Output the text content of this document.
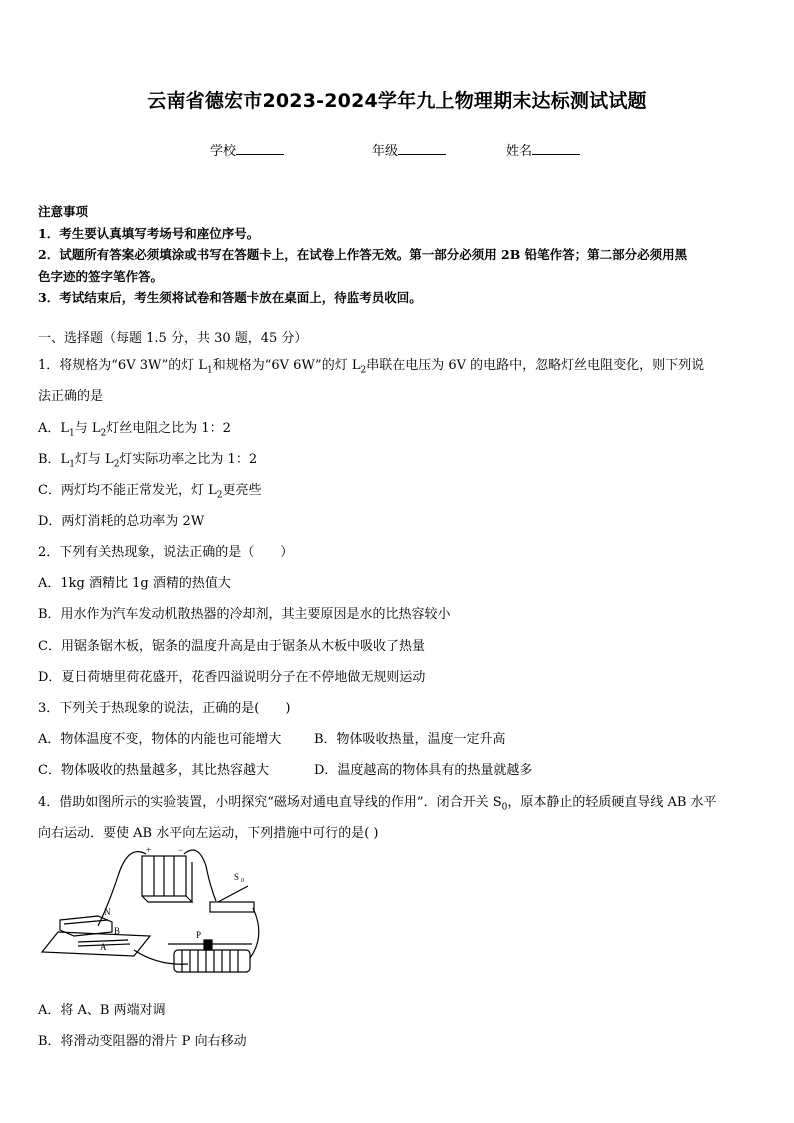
云南省德宏市2023-2024学年九上物理期末达标测试试题
学校	年级	姓名
注意事项
1．考生要认真填写考场号和座位序号。
2．试题所有答案必须填涂或书写在答题卡上，在试卷上作答无效。第一部分必须用 2B 铅笔作答；第二部分必须用黑
色字迹的签字笔作答。
3．考试结束后，考生须将试卷和答题卡放在桌面上，待监考员收回。
一、选择题（每题 1.5 分，共 30 题，45 分）
1．将规格为“6V 3W”的灯 $L_1$和规格为“6V 6W”的灯 $L_2$串联在电压为 6V 的电路中，忽略灯丝电阻变化，则下列说
法正确的是
A．$L_1$与 $L_2$灯丝电阻之比为 1：2
B．$L_1$灯与 $L_2$灯实际功率之比为 1：2
C．两灯均不能正常发光，灯 $L_2$更亮些
D．两灯消耗的总功率为 2W
2．下列有关热现象，说法正确的是（　　）
A．1kg 酒精比 1g 酒精的热值大
B．用水作为汽车发动机散热器的冷却剂，其主要原因是水的比热容较小
C．用锯条锯木板，锯条的温度升高是由于锯条从木板中吸收了热量
D．夏日荷塘里荷花盛开，花香四溢说明分子在不停地做无规则运动
3．下列关于热现象的说法，正确的是(　　)
A．物体温度不变，物体的内能也可能增大	B．物体吸收热量，温度一定升高
C．物体吸收的热量越多，其比热容越大	D．温度越高的物体具有的热量就越多
4．借助如图所示的实验装置，小明探究“磁场对通电直导线的作用”．闭合开关 $S_0$，原本静止的轻质硬直导线 AB 水平
向右运动．要使 AB 水平向左运动，下列措施中可行的是( )
+	−
S 0
N
A
B	P
A．将 A、B 两端对调
B．将滑动变阻器的滑片 P 向右移动
